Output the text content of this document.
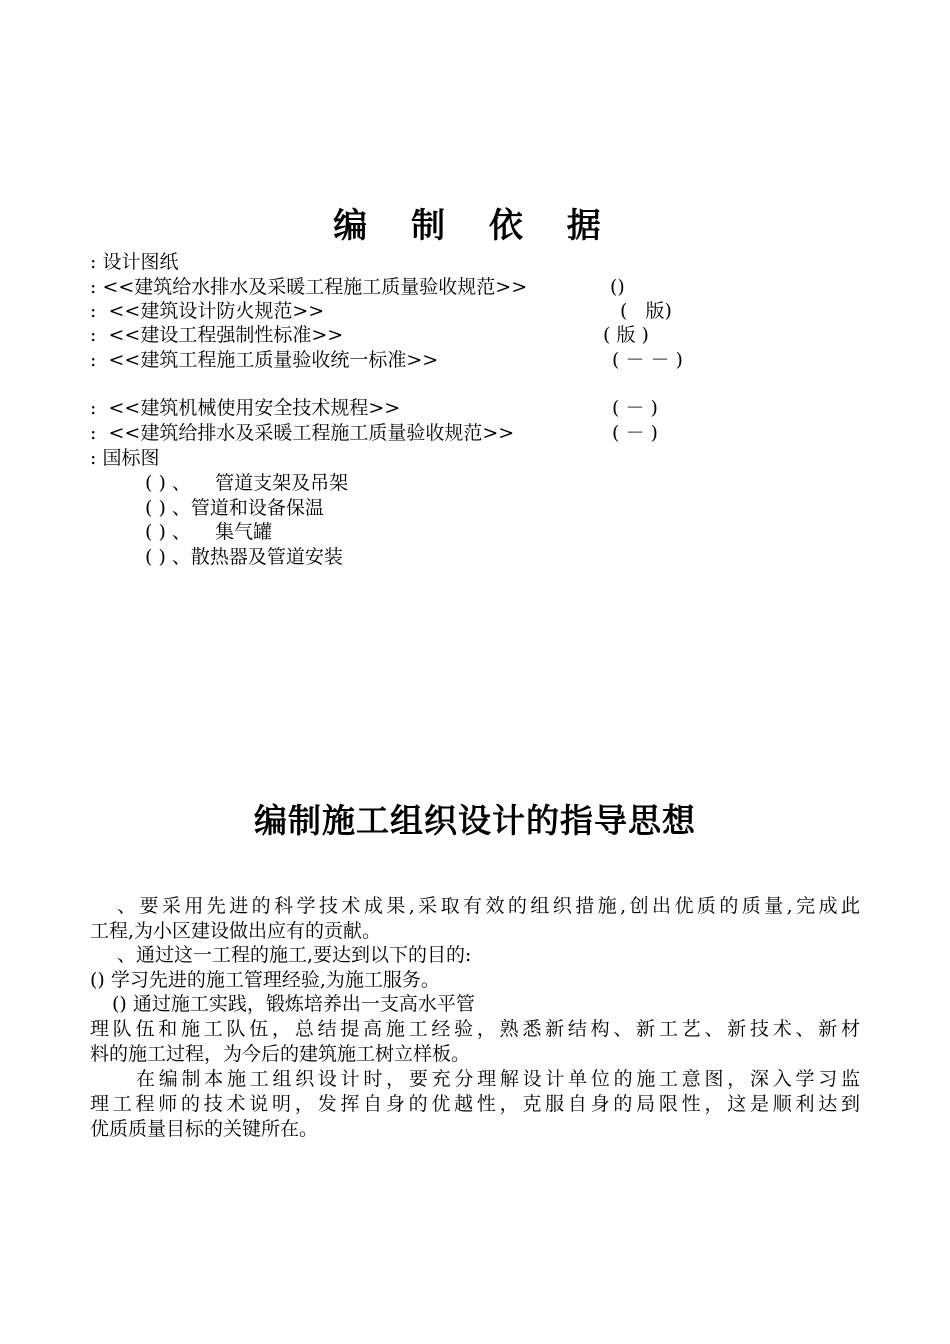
编 制 依 据
: 设计图纸
: <<建筑给水排水及采暖工程施工质量验收规范>>	()
:  <<建筑设计防火规范>>	(   版)
:  <<建设工程强制性标准>>	( 版 )
:  <<建筑工程施工质量验收统一标准>>	( － － )
:  <<建筑机械使用安全技术规程>>	( － )
:  <<建筑给排水及采暖工程施工质量验收规范>>	( － )
: 国标图
( ) 、    管道支架及吊架
( ) 、管道和设备保温
( ) 、    集气罐
( ) 、散热器及管道安装
编制施工组织设计的指导思想
、要采用先进的科学技术成果,采取有效的组织措施,创出优质的质量,完成此
工程,为小区建设做出应有的贡献。
、通过这一工程的施工,要达到以下的目的:
() 学习先进的施工管理经验,为施工服务。
() 通过施工实践，锻炼培养出一支高水平管
理队伍和施工队伍，总结提高施工经验，熟悉新结构、新工艺、新技术、新材
料的施工过程，为今后的建筑施工树立样板。
在编制本施工组织设计时，要充分理解设计单位的施工意图，深入学习监
理工程师的技术说明，发挥自身的优越性，克服自身的局限性，这是顺利达到
优质质量目标的关键所在。
